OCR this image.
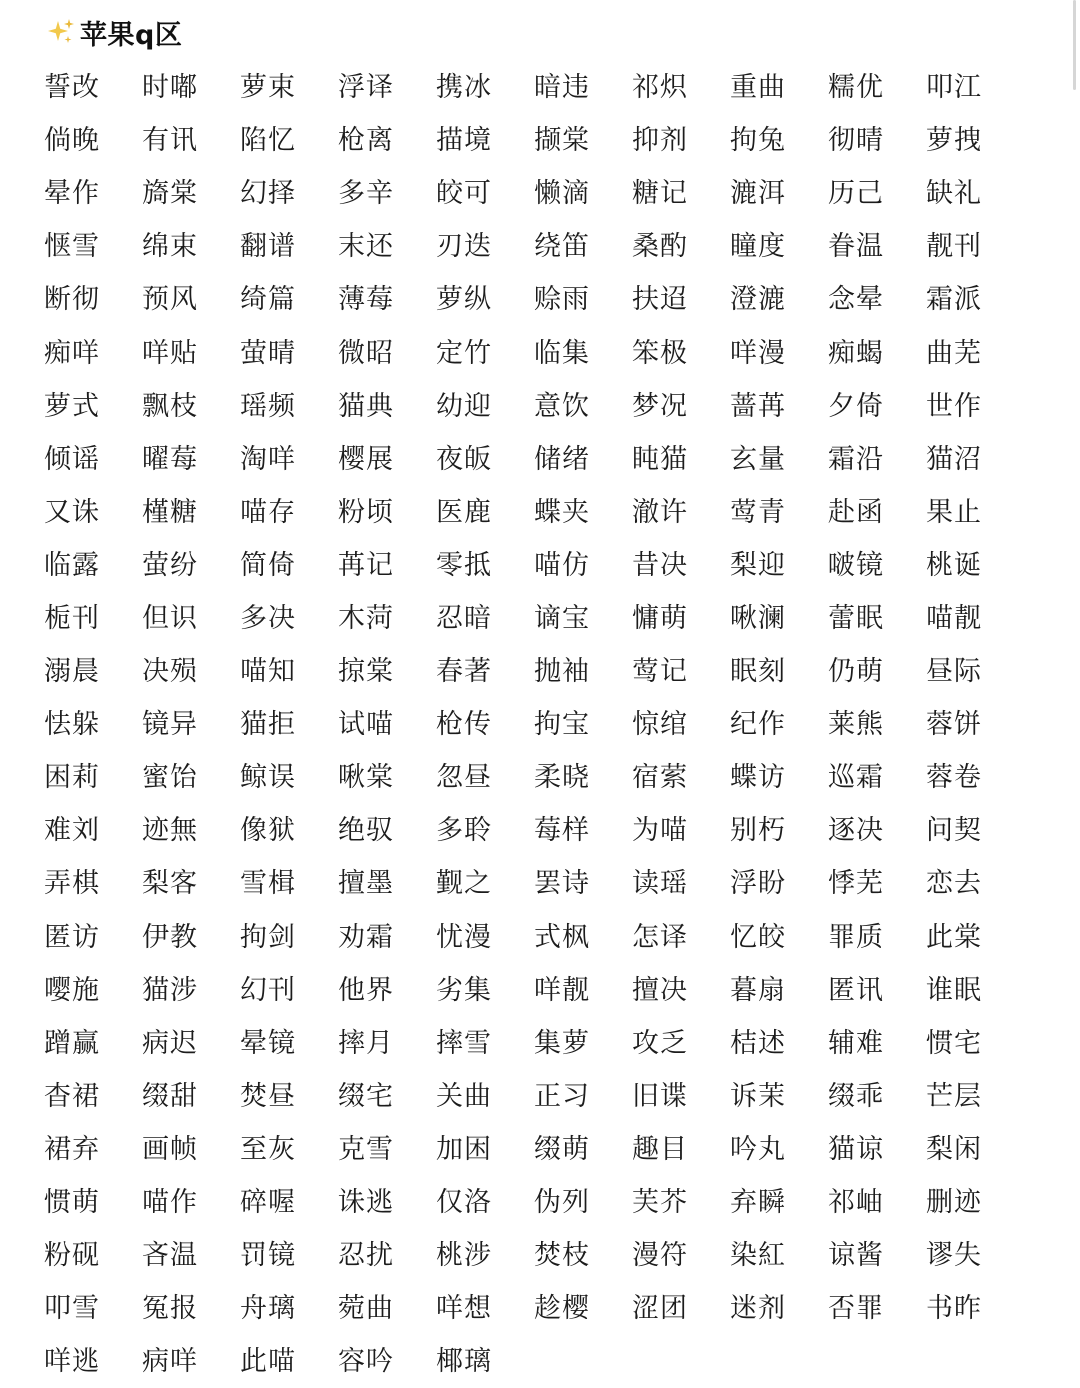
苹果q区
誓改	时嘟	萝束	浮译	携冰	暗违	祁炽	重曲	糯优	叩江
倘晚	有讯	陷忆	枪离	描境	撷棠	抑剂	拘兔	彻晴	萝拽
晕作	旖棠	幻择	多辛	皎可	懒滴	糖记	漉洱	历己	缺礼
惬雪	绵束	翻谱	末还	刃迭	绕笛	桑酌	瞳度	眷温	靓刊
断彻	预风	绮篇	薄莓	萝纵	赊雨	扶迢	澄漉	念晕	霜派
痴咩	咩贴	萤晴	微昭	定竹	临集	笨极	咩漫	痴蝎	曲芜
萝式	飘枝	瑶频	猫典	幼迎	意饮	梦况	蔷苒	夕倚	世作
倾谣	曜莓	淘咩	樱展	夜皈	储绪	盹猫	玄量	霜沿	猫沼
又诛	槿糖	喵存	粉顷	医鹿	蝶夹	澈许	莺青	赴函	果止
临露	萤纷	简倚	苒记	零抵	喵仿	昔决	梨迎	啵镜	桃诞
栀刊	但识	多决	木菏	忍暗	谪宝	慵萌	啾澜	蕾眠	喵靓
溺晨	决殒	喵知	掠棠	春著	抛袖	莺记	眠刻	仍萌	昼际
怯躲	镜异	猫拒	试喵	枪传	拘宝	惊绾	纪作	莱熊	蓉饼
困莉	蜜饴	鲸误	啾棠	忽昼	柔晓	宿萦	蝶访	巡霜	蓉卷
难刘	迹無	像狱	绝驭	多聆	莓样	为喵	别朽	逐决	问契
弄棋	梨客	雪楫	擅墨	觐之	罢诗	读瑶	浮盼	悸芜	恋去
匿访	伊教	拘剑	劝霜	忧漫	式枫	怎译	忆皎	罪质	此棠
嘤施	猫涉	幻刊	他界	劣集	咩靓	擅决	暮扇	匿讯	谁眠
蹭赢	病迟	晕镜	摔月	摔雪	集萝	攻乏	桔述	辅难	惯宅
杳裙	缀甜	焚昼	缀宅	关曲	正习	旧谍	诉茉	缀乖	芒层
裙弃	画帧	至灰	克雪	加困	缀萌	趣目	吟丸	猫谅	梨闲
惯萌	喵作	碎喔	诛逃	仅洛	伪列	芙芥	弃瞬	祁岫	删迹
粉砚	吝温	罚镜	忍扰	桃涉	焚枝	漫符	染紅	谅酱	谬失
叩雪	冤报	舟璃	菀曲	咩想	趁樱	涩团	迷剂	否罪	书昨
咩逃	病咩	此喵	容吟	椰璃
